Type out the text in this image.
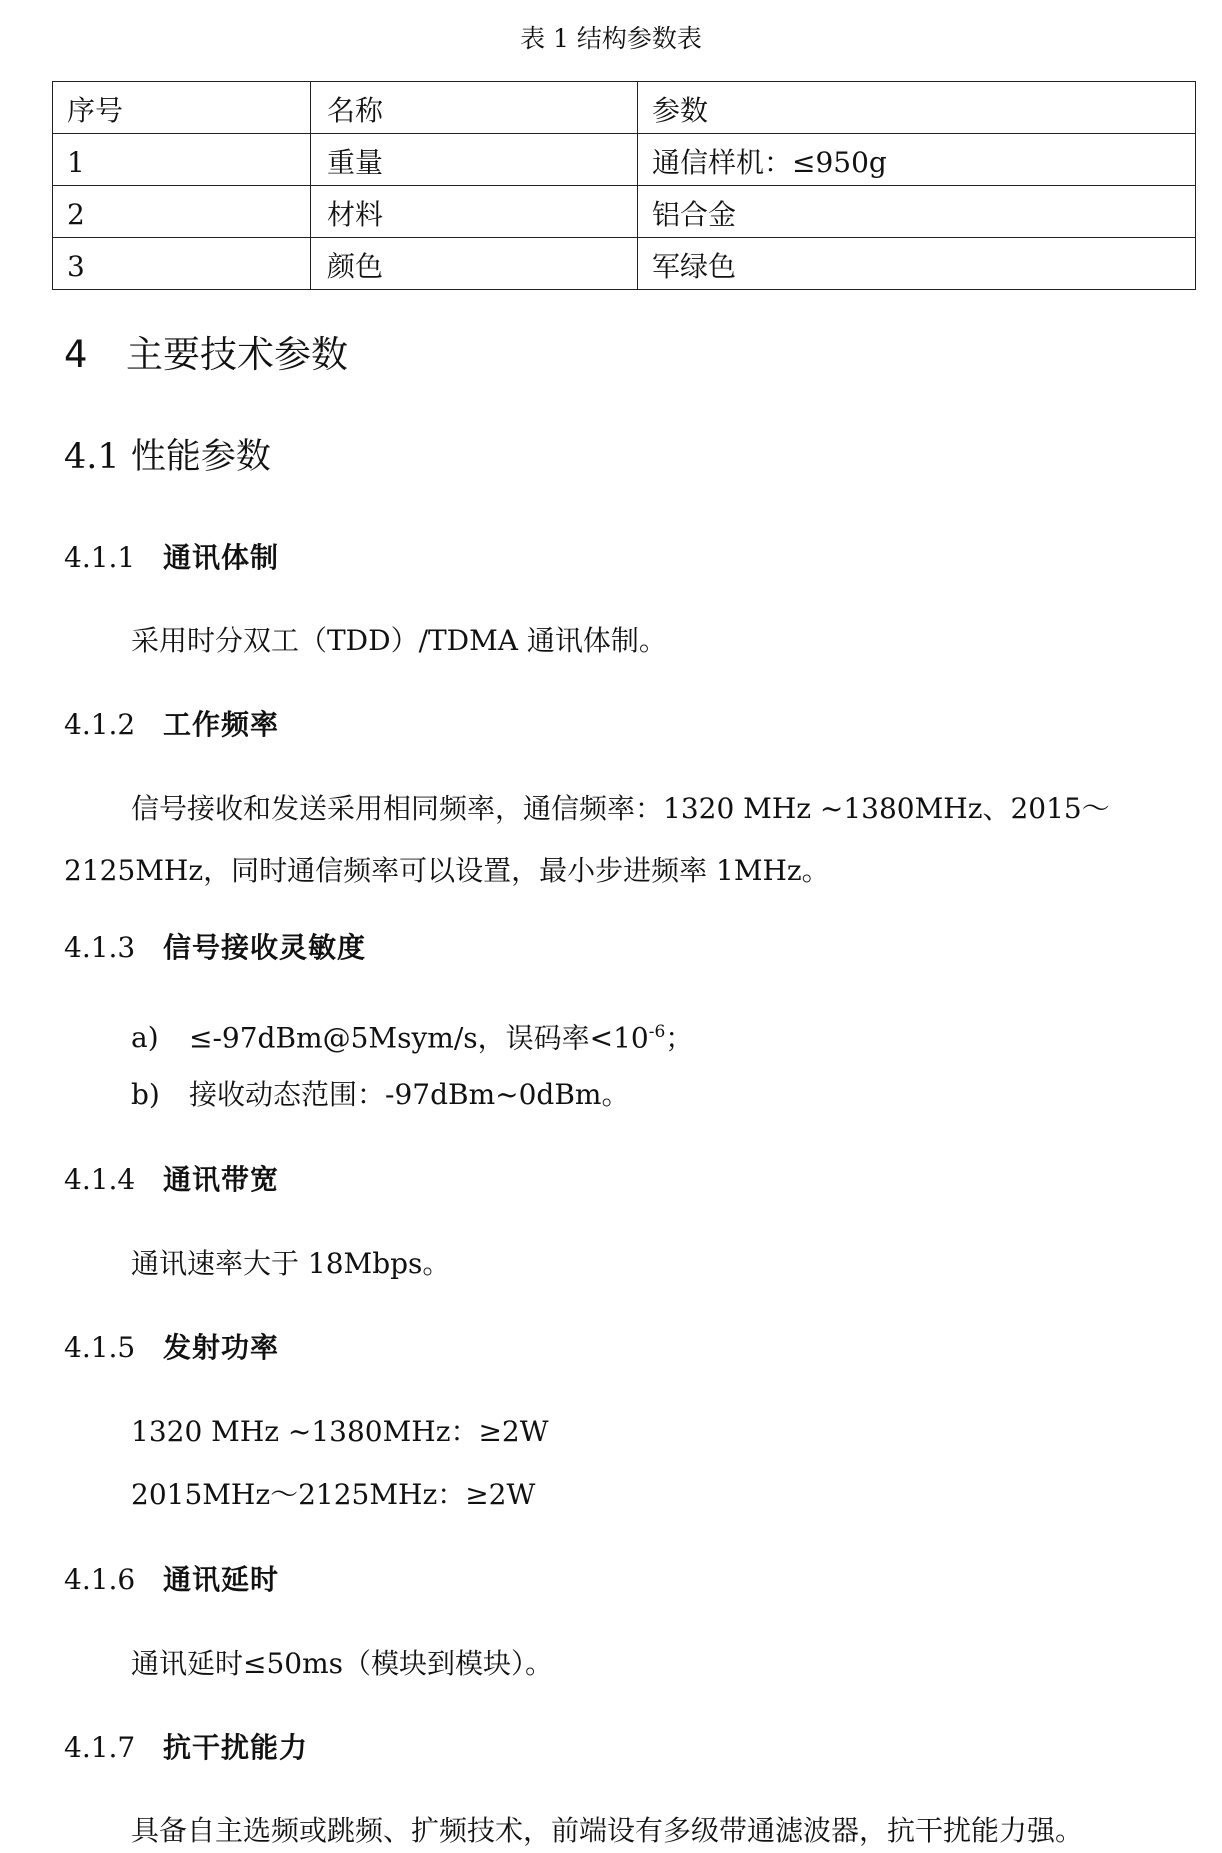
表 1 结构参数表
序号	名称	参数
1	重量	通信样机：≤950g
2	材料	铝合金
3	颜色	军绿色
4 主要技术参数
4.1 性能参数
4.1.1 通讯体制
采用时分双工（TDD）/TDMA 通讯体制。
4.1.2 工作频率
信号接收和发送采用相同频率，通信频率：1320 MHz ~1380MHz、2015～2125MHz，同时通信频率可以设置，最小步进频率 1MHz。
4.1.3 信号接收灵敏度
a) ≤-97dBm@5Msym/s，误码率$<10^{-6}$；
b) 接收动态范围：-97dBm~0dBm。
4.1.4 通讯带宽
通讯速率大于 18Mbps。
4.1.5 发射功率
1320 MHz ~1380MHz：≥2W
2015MHz～2125MHz：≥2W
4.1.6 通讯延时
通讯延时≤50ms（模块到模块）。
4.1.7 抗干扰能力
具备自主选频或跳频、扩频技术，前端设有多级带通滤波器，抗干扰能力强。
